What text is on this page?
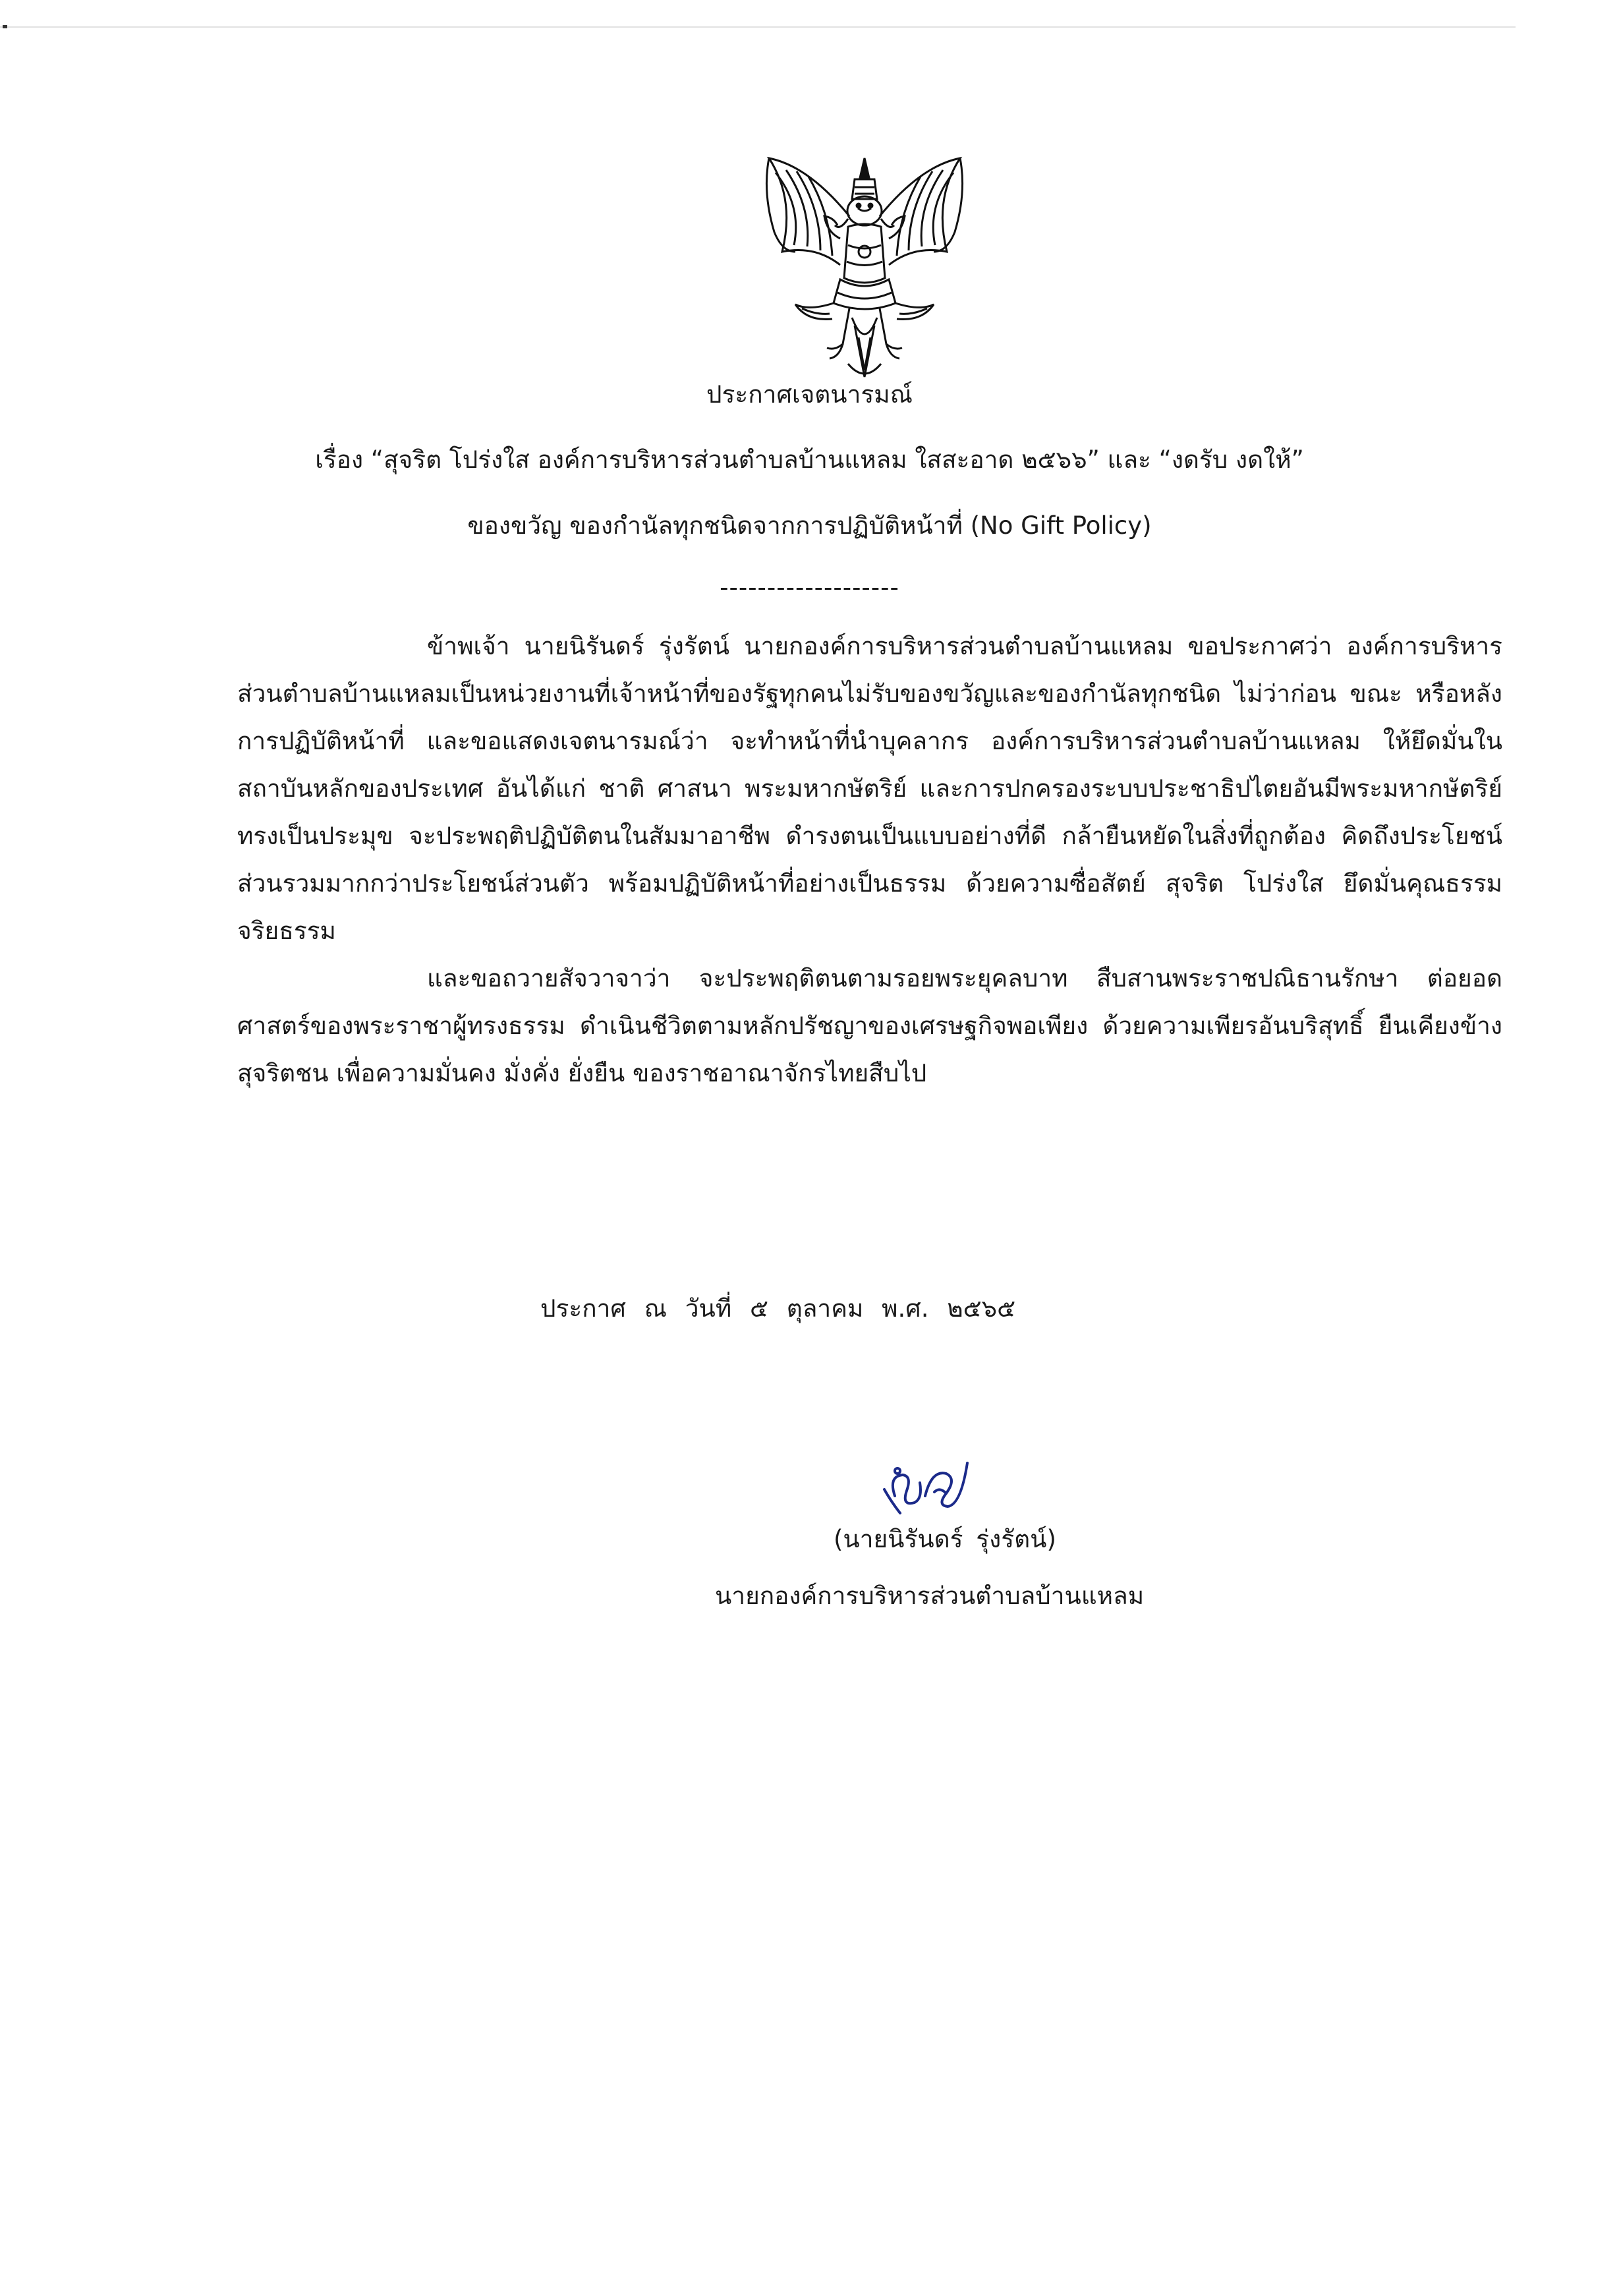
ประกาศเจตนารมณ์
เรื่อง “สุจริต โปร่งใส องค์การบริหารส่วนตำบลบ้านแหลม ใสสะอาด ๒๕๖๖” และ “งดรับ งดให้”
ของขวัญ ของกำนัลทุกชนิดจากการปฏิบัติหน้าที่ (No Gift Policy)
-------------------

ข้าพเจ้า นายนิรันดร์ รุ่งรัตน์ นายกองค์การบริหารส่วนตำบลบ้านแหลม ขอประกาศว่า องค์การบริหารส่วนตำบลบ้านแหลมเป็นหน่วยงานที่เจ้าหน้าที่ของรัฐทุกคนไม่รับของขวัญและของกำนัลทุกชนิด ไม่ว่าก่อน ขณะ หรือหลังการปฏิบัติหน้าที่ และขอแสดงเจตนารมณ์ว่า จะทำหน้าที่นำบุคลากร องค์การบริหารส่วนตำบลบ้านแหลม ให้ยึดมั่นในสถาบันหลักของประเทศ อันได้แก่ ชาติ ศาสนา พระมหากษัตริย์ และการปกครองระบบประชาธิปไตยอันมีพระมหากษัตริย์ทรงเป็นประมุข จะประพฤติปฏิบัติตนในสัมมาอาชีพ ดำรงตนเป็นแบบอย่างที่ดี กล้ายืนหยัดในสิ่งที่ถูกต้อง คิดถึงประโยชน์ส่วนรวมมากกว่าประโยชน์ส่วนตัว พร้อมปฏิบัติหน้าที่อย่างเป็นธรรม ด้วยความซื่อสัตย์ สุจริต โปร่งใส ยึดมั่นคุณธรรม จริยธรรม

และขอถวายสัจวาจาว่า จะประพฤติตนตามรอยพระยุคลบาท สืบสานพระราชปณิธานรักษา ต่อยอดศาสตร์ของพระราชาผู้ทรงธรรม ดำเนินชีวิตตามหลักปรัชญาของเศรษฐกิจพอเพียง ด้วยความเพียรอันบริสุทธิ์ ยืนเคียงข้างสุจริตชน เพื่อความมั่นคง มั่งคั่ง ยั่งยืน ของราชอาณาจักรไทยสืบไป

ประกาศ ณ วันที่ ๕ ตุลาคม พ.ศ. ๒๕๖๕
(นายนิรันดร์ รุ่งรัตน์)
นายกองค์การบริหารส่วนตำบลบ้านแหลม
